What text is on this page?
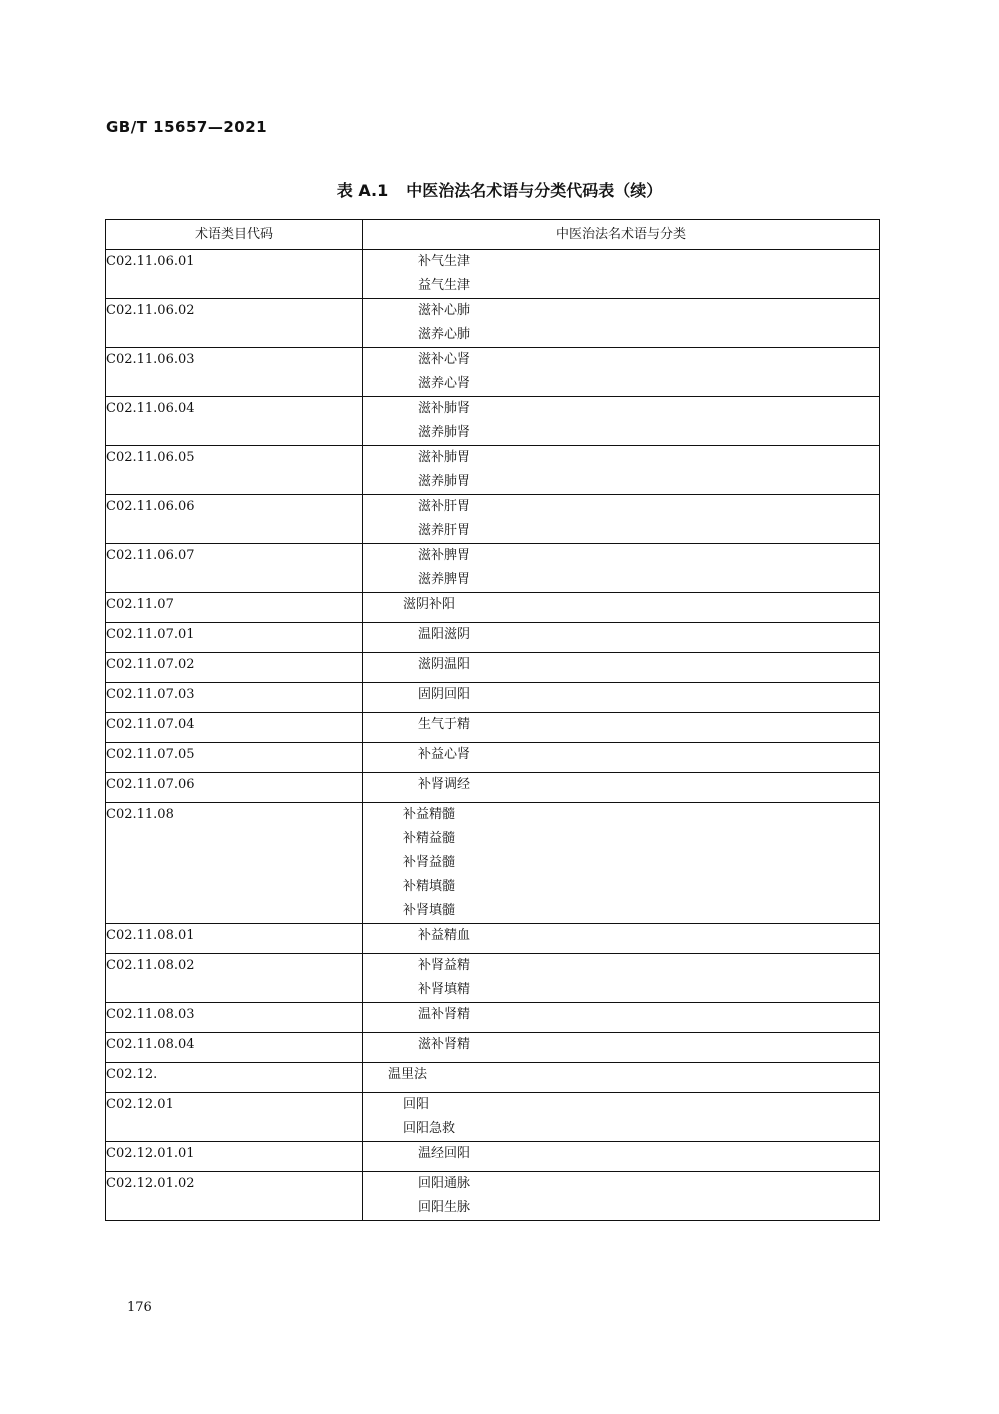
GB/T 15657—2021
表 A.1 中医治法名术语与分类代码表（续）
术语类目代码	中医治法名术语与分类
C02.11.06.01	补气生津
益气生津

C02.11.06.02	滋补心肺
滋养心肺

C02.11.06.03	滋补心肾
滋养心肾

C02.11.06.04	滋补肺肾
滋养肺肾

C02.11.06.05	滋补肺胃
滋养肺胃

C02.11.06.06	滋补肝胃
滋养肝胃

C02.11.06.07	滋补脾胃
滋养脾胃

C02.11.07	滋阴补阳

C02.11.07.01	温阳滋阴

C02.11.07.02	滋阴温阳

C02.11.07.03	固阴回阳

C02.11.07.04	生气于精

C02.11.07.05	补益心肾

C02.11.07.06	补肾调经

C02.11.08	补益精髓
补精益髓
补肾益髓
补精填髓
补肾填髓

C02.11.08.01	补益精血

C02.11.08.02	补肾益精
补肾填精

C02.11.08.03	温补肾精

C02.11.08.04	滋补肾精

C02.12.	温里法

C02.12.01	回阳
回阳急救

C02.12.01.01	温经回阳

C02.12.01.02	回阳通脉
回阳生脉
176
